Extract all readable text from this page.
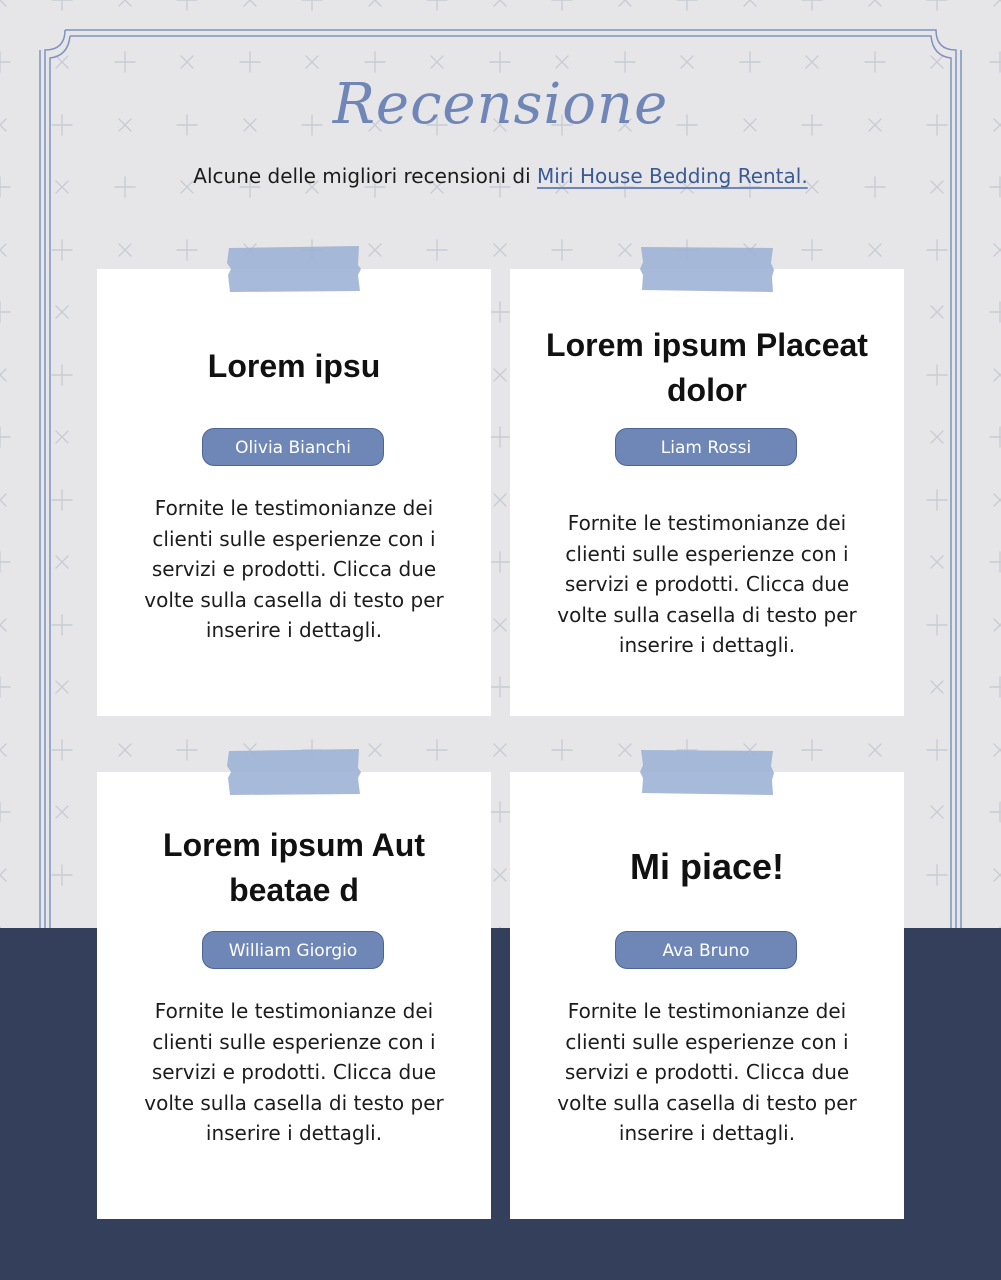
Recensione

Alcune delle migliori recensioni di Miri House Bedding Rental.

Lorem ipsu
Olivia Bianchi

Fornite le testimonianze dei clienti sulle esperienze con i servizi e prodotti. Clicca due volte sulla casella di testo per inserire i dettagli.

Lorem ipsum Placeat dolor
Liam Rossi

Fornite le testimonianze dei clienti sulle esperienze con i servizi e prodotti. Clicca due volte sulla casella di testo per inserire i dettagli.

Lorem ipsum Aut beatae d
William Giorgio

Fornite le testimonianze dei clienti sulle esperienze con i servizi e prodotti. Clicca due volte sulla casella di testo per inserire i dettagli.

Mi piace!
Ava Bruno

Fornite le testimonianze dei clienti sulle esperienze con i servizi e prodotti. Clicca due volte sulla casella di testo per inserire i dettagli.
